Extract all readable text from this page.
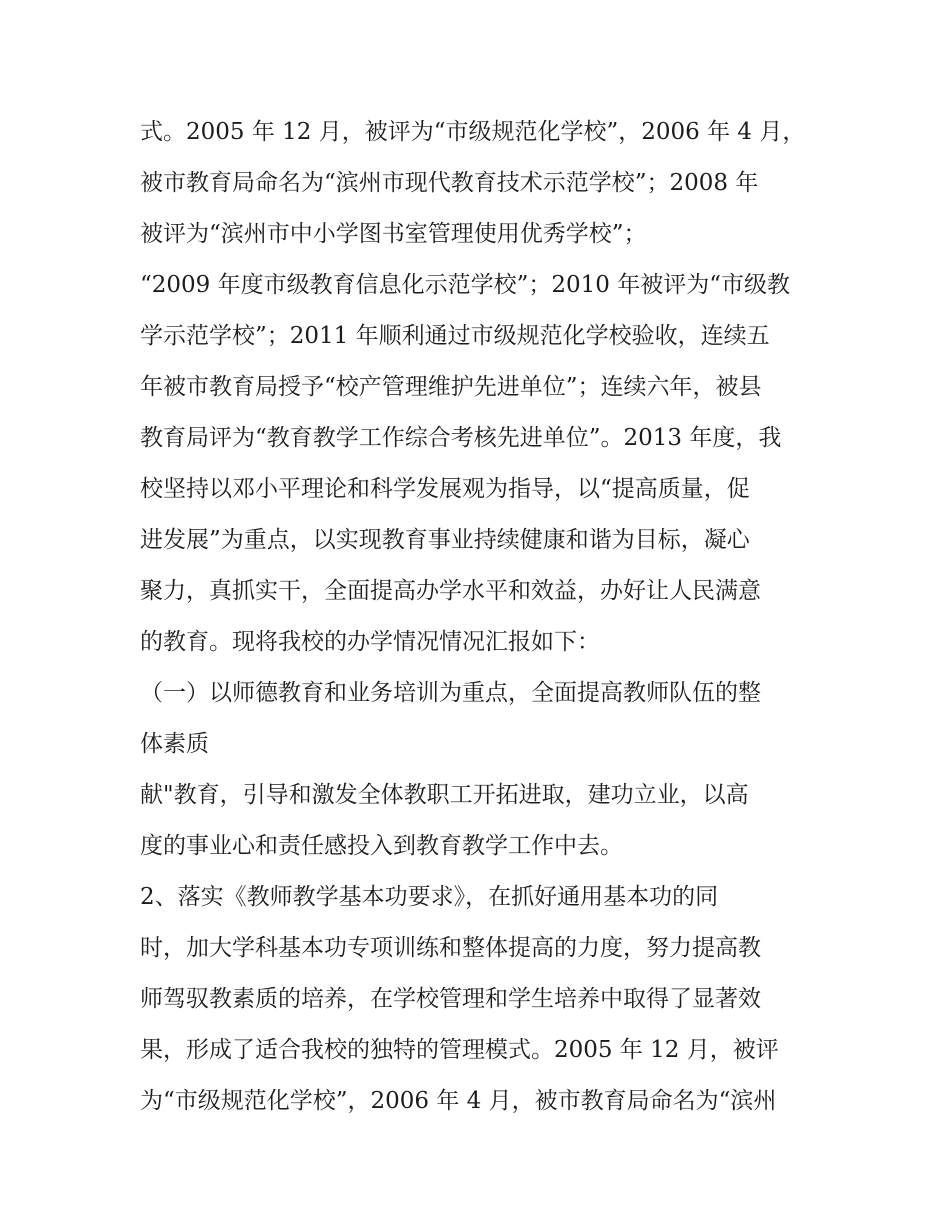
式。2005 年 12 月，被评为“市级规范化学校”，2006 年 4 月，
被市教育局命名为“滨州市现代教育技术示范学校”；2008 年
被评为“滨州市中小学图书室管理使用优秀学校”；
“2009 年度市级教育信息化示范学校”；2010 年被评为“市级教
学示范学校”；2011 年顺利通过市级规范化学校验收，连续五
年被市教育局授予“校产管理维护先进单位”；连续六年，被县
教育局评为“教育教学工作综合考核先进单位”。2013 年度，我
校坚持以邓小平理论和科学发展观为指导，以“提高质量，促
进发展”为重点，以实现教育事业持续健康和谐为目标，凝心
聚力，真抓实干，全面提高办学水平和效益，办好让人民满意
的教育。现将我校的办学情况情况汇报如下：
（一）以师德教育和业务培训为重点，全面提高教师队伍的整
体素质
献"教育，引导和激发全体教职工开拓进取，建功立业，以高
度的事业心和责任感投入到教育教学工作中去。
2、落实《教师教学基本功要求》，在抓好通用基本功的同
时，加大学科基本功专项训练和整体提高的力度，努力提高教
师驾驭教素质的培养，在学校管理和学生培养中取得了显著效
果，形成了适合我校的独特的管理模式。2005 年 12 月，被评
为“市级规范化学校”，2006 年 4 月，被市教育局命名为“滨州
